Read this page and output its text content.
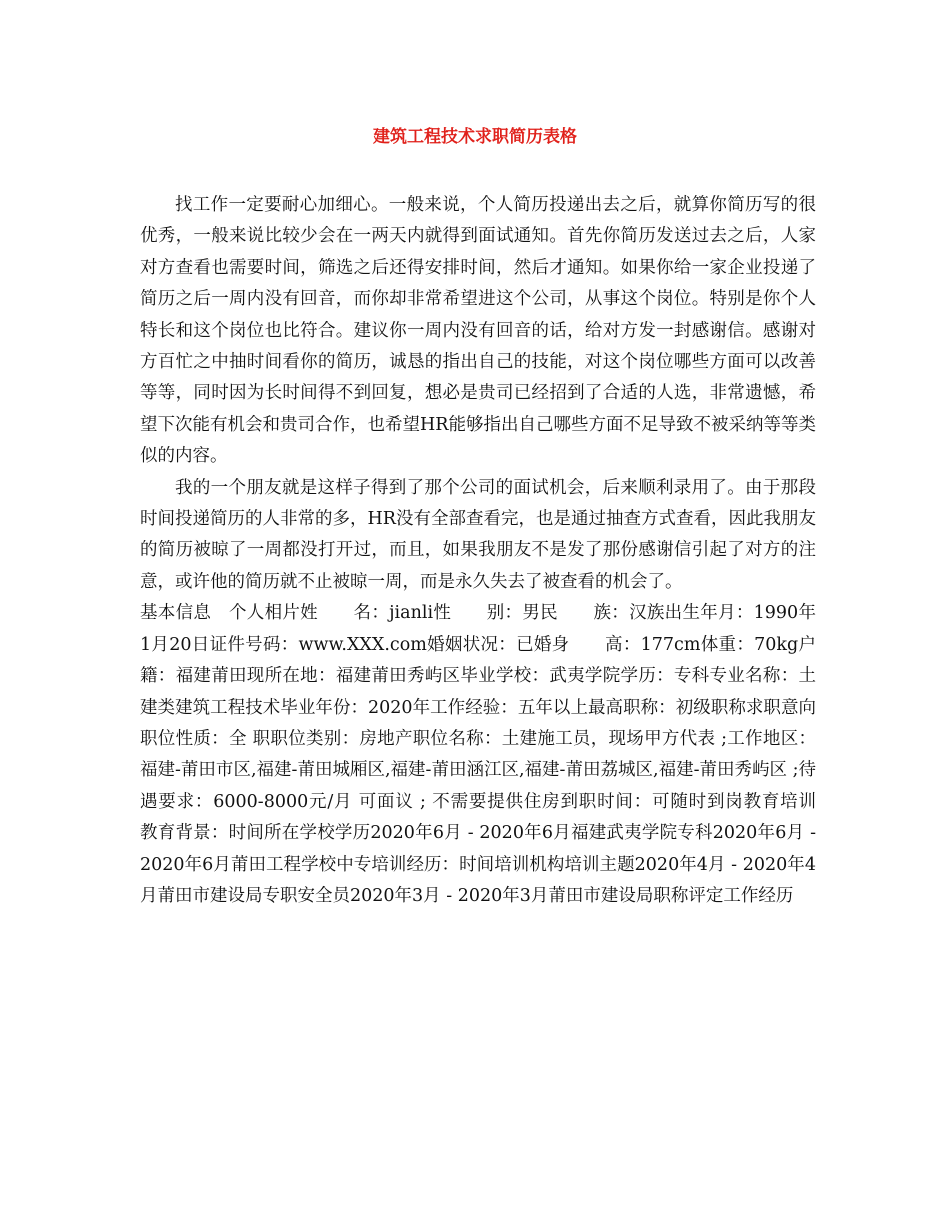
建筑工程技术求职简历表格

找工作一定要耐心加细心。一般来说，个人简历投递出去之后，就算你简历写的很优秀，一般来说比较少会在一两天内就得到面试通知。首先你简历发送过去之后，人家对方查看也需要时间，筛选之后还得安排时间，然后才通知。如果你给一家企业投递了简历之后一周内没有回音，而你却非常希望进这个公司，从事这个岗位。特别是你个人特长和这个岗位也比符合。建议你一周内没有回音的话，给对方发一封感谢信。感谢对方百忙之中抽时间看你的简历，诚恳的指出自己的技能，对这个岗位哪些方面可以改善等等，同时因为长时间得不到回复，想必是贵司已经招到了合适的人选，非常遗憾，希望下次能有机会和贵司合作，也希望HR能够指出自己哪些方面不足导致不被采纳等等类似的内容。

我的一个朋友就是这样子得到了那个公司的面试机会，后来顺利录用了。由于那段时间投递简历的人非常的多，HR没有全部查看完，也是通过抽查方式查看，因此我朋友的简历被晾了一周都没打开过，而且，如果我朋友不是发了那份感谢信引起了对方的注意，或许他的简历就不止被晾一周，而是永久失去了被查看的机会了。

基本信息　个人相片姓　　名：jianli性　　别：男民　　族：汉族出生年月：1990年1月20日证件号码：www.XXX.com婚姻状况：已婚身　　高：177cm体重：70kg户　　籍：福建莆田现所在地：福建莆田秀屿区毕业学校：武夷学院学历：专科专业名称：土建类建筑工程技术毕业年份：2020年工作经验：五年以上最高职称：初级职称求职意向　职位性质：全 职职位类别：房地产职位名称：土建施工员，现场甲方代表 ;工作地区：福建-莆田市区,福建-莆田城厢区,福建-莆田涵江区,福建-莆田荔城区,福建-莆田秀屿区 ;待遇要求：6000-8000元/月 可面议 ; 不需要提供住房到职时间：可随时到岗教育培训　教育背景：时间所在学校学历2020年6月 - 2020年6月福建武夷学院专科2020年6月 - 2020年6月莆田工程学校中专培训经历：时间培训机构培训主题2020年4月 - 2020年4月莆田市建设局专职安全员2020年3月 - 2020年3月莆田市建设局职称评定工作经历
